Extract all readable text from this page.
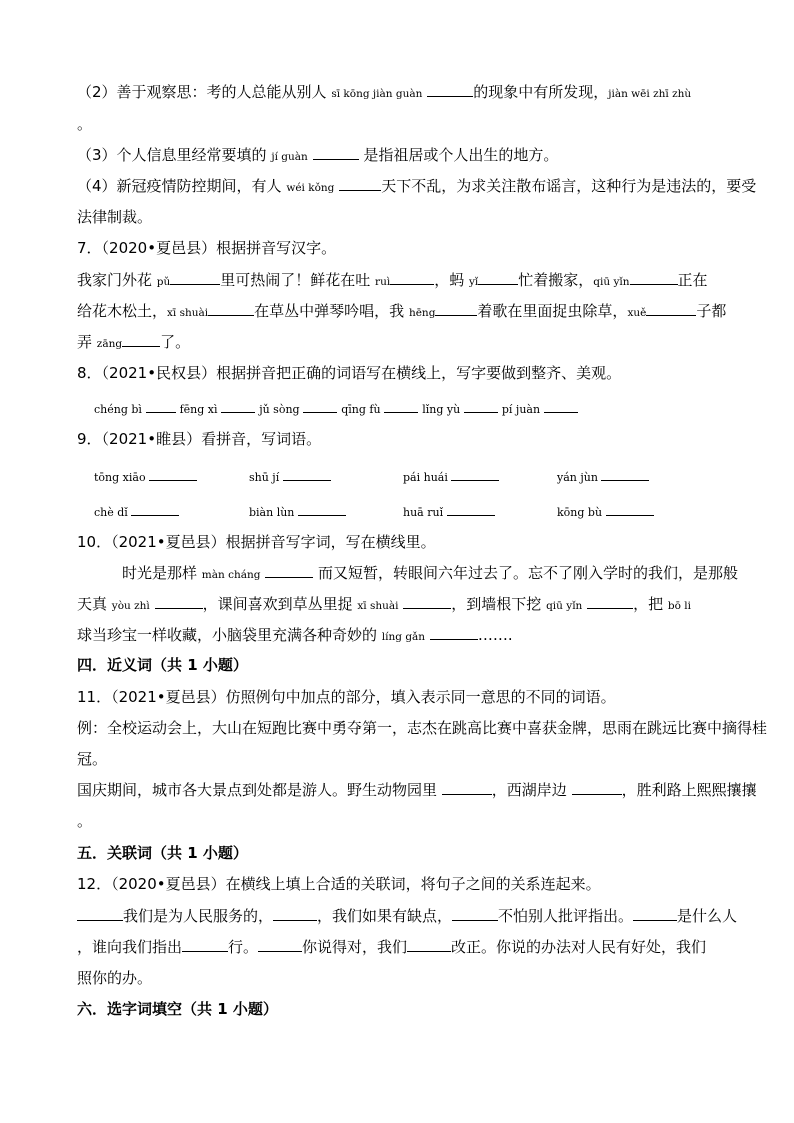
（2）善于观察思：考的人总能从别人 sī kōng jiàn guàn	的现象中有所发现，jiàn wēi zhī zhù
。
（3）个人信息里经常要填的 jí guàn	是指祖居或个人出生的地方。
（4）新冠疫情防控期间，有人 wéi kǒng	天下不乱，为求关注散布谣言，这种行为是违法的，要受
法律制裁。
7．（2020•夏邑县）根据拼音写汉字。
我家门外花 pǔ	里可热闹了！鲜花在吐 ruì	，蚂 yǐ	忙着搬家，qiū yǐn	正在
给花木松土，xī shuài	在草丛中弹琴吟唱，我 hēng	着歌在里面捉虫除草，xuě	子都
弄 zāng	了。
8．（2021•民权县）根据拼音把正确的词语写在横线上，写字要做到整齐、美观。
chéng bì	fēng xì	jǔ sòng	qīng fù	lǐng yù	pí juàn
9．（2021•睢县）看拼音，写词语。
tōng xiāo	shū jí	pái huái	yán jùn
chè dǐ	biàn lùn	huā ruǐ	kōng bù
10．（2021•夏邑县）根据拼音写字词，写在横线里。
时光是那样 màn cháng	而又短暂，转眼间六年过去了。忘不了刚入学时的我们，是那般
天真 yòu zhì	，课间喜欢到草丛里捉 xī shuài	，到墙根下挖 qiū yǐn	，把 bō li
球当珍宝一样收藏，小脑袋里充满各种奇妙的 líng gǎn	…….
四．近义词（共 1 小题）
11．（2021•夏邑县）仿照例句中加点的部分，填入表示同一意思的不同的词语。
例：全校运动会上，大山在短跑比赛中勇夺第一，志杰在跳高比赛中喜获金牌，思雨在跳远比赛中摘得桂
冠。
国庆期间，城市各大景点到处都是游人。野生动物园里	，西湖岸边	，胜利路上熙熙攘攘
。
五．关联词（共 1 小题）
12．（2020•夏邑县）在横线上填上合适的关联词，将句子之间的关系连起来。
我们是为人民服务的，	，我们如果有缺点，	不怕别人批评指出。	是什么人
，谁向我们指出	行。	你说得对，我们	改正。你说的办法对人民有好处，我们
照你的办。
六．选字词填空（共 1 小题）
